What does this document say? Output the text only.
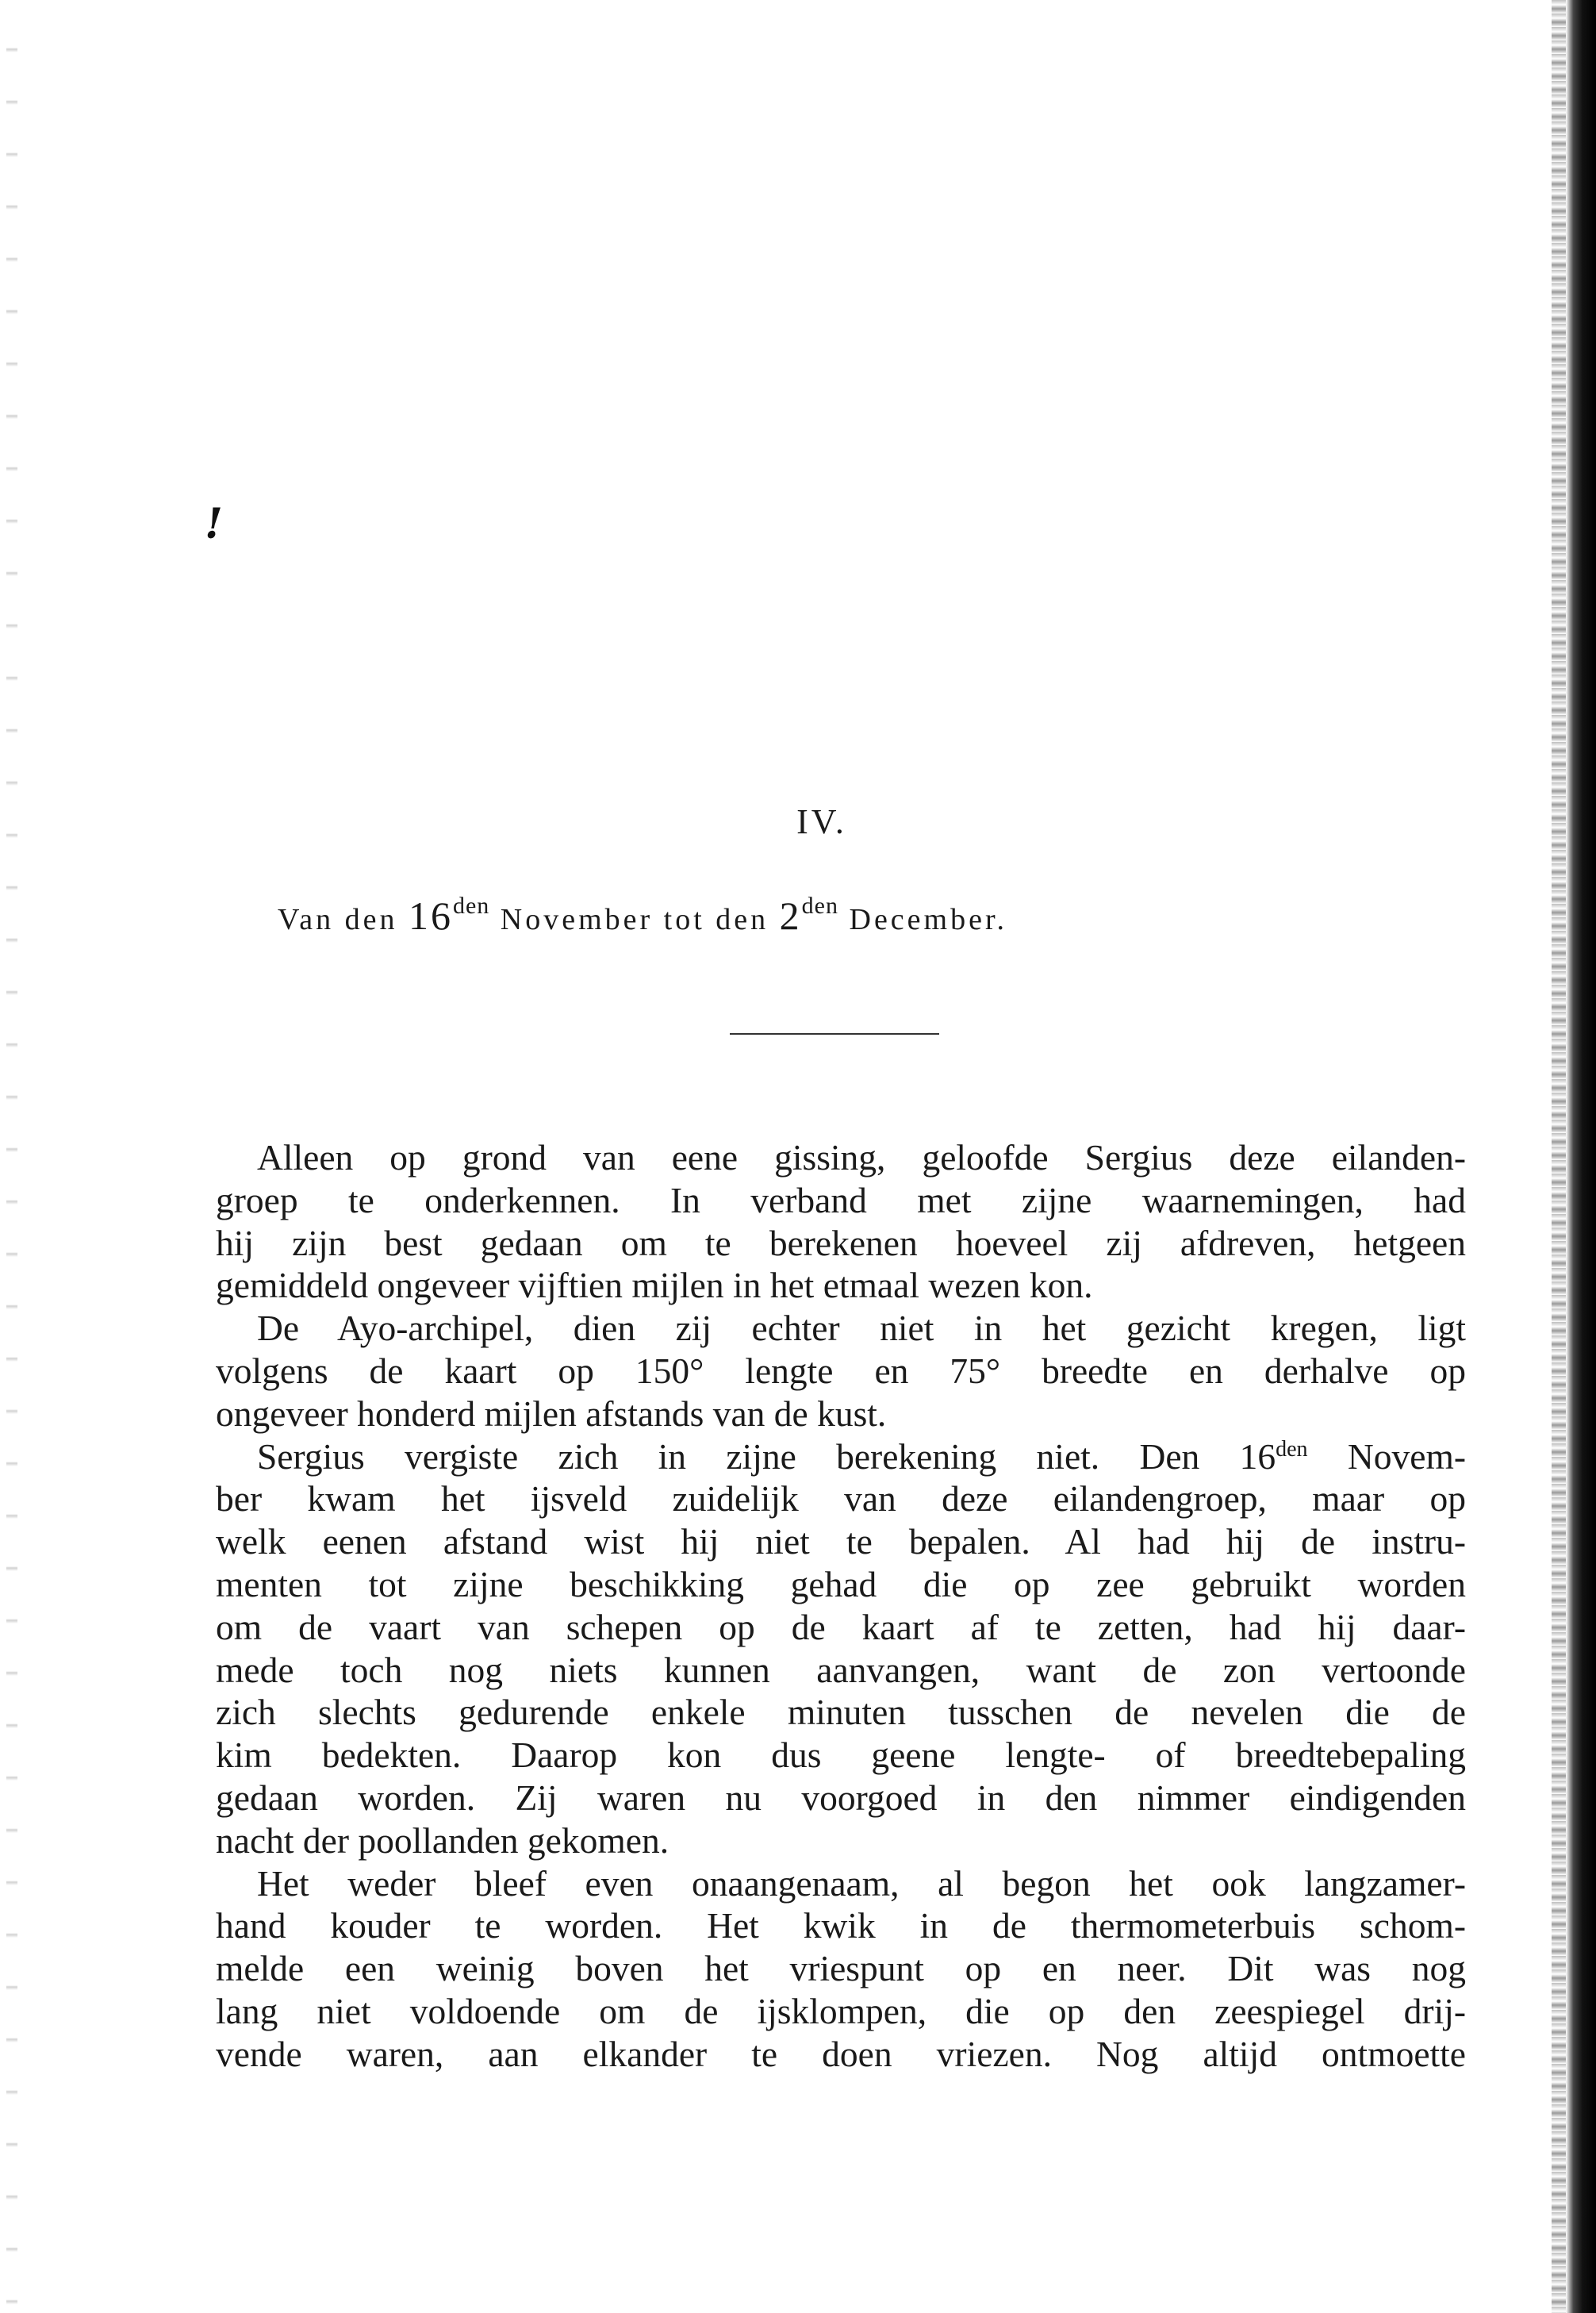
!
IV.
Van den $16^{den}$ November tot den $2^{den}$ December.
Alleen op grond van eene gissing, geloofde Sergius deze eilanden-
groep te onderkennen. In verband met zijne waarnemingen, had
hij zijn best gedaan om te berekenen hoeveel zij afdreven, hetgeen
gemiddeld ongeveer vijftien mijlen in het etmaal wezen kon.
De Ayo-archipel, dien zij echter niet in het gezicht kregen, ligt
volgens de kaart op 150° lengte en 75° breedte en derhalve op
ongeveer honderd mijlen afstands van de kust.
Sergius vergiste zich in zijne berekening niet. Den $16^{den}$ Novem-
ber kwam het ijsveld zuidelijk van deze eilandengroep, maar op
welk eenen afstand wist hij niet te bepalen. Al had hij de instru-
menten tot zijne beschikking gehad die op zee gebruikt worden
om de vaart van schepen op de kaart af te zetten, had hij daar-
mede toch nog niets kunnen aanvangen, want de zon vertoonde
zich slechts gedurende enkele minuten tusschen de nevelen die de
kim bedekten. Daarop kon dus geene lengte- of breedtebepaling
gedaan worden. Zij waren nu voorgoed in den nimmer eindigenden
nacht der poollanden gekomen.
Het weder bleef even onaangenaam, al begon het ook langzamer-
hand kouder te worden. Het kwik in de thermometerbuis schom-
melde een weinig boven het vriespunt op en neer. Dit was nog
lang niet voldoende om de ijsklompen, die op den zeespiegel drij-
vende waren, aan elkander te doen vriezen. Nog altijd ontmoette
